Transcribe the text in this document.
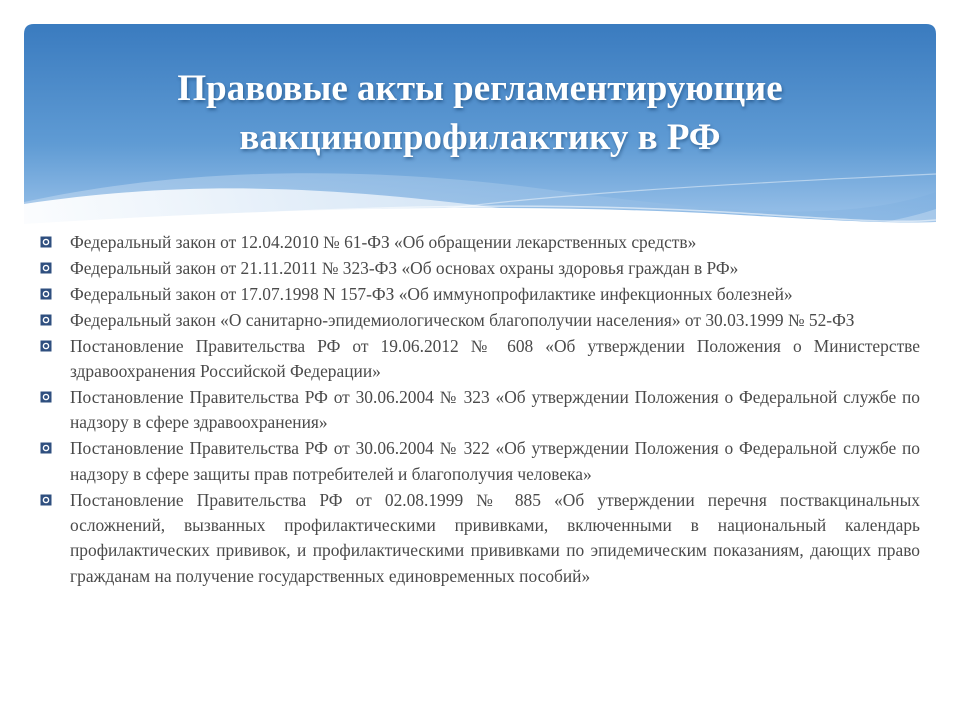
Правовые акты регламентирующие
вакцинопрофилактику в РФ
Федеральный закон от 12.04.2010 № 61-ФЗ «Об обращении лекарственных средств»
Федеральный закон от 21.11.2011 № 323-ФЗ «Об основах охраны здоровья граждан в РФ»
Федеральный закон от 17.07.1998 N 157-ФЗ «Об иммунопрофилактике инфекционных болезней»
Федеральный закон «О санитарно-эпидемиологическом благополучии населения» от 30.03.1999 № 52-ФЗ
Постановление Правительства РФ от 19.06.2012 № 608 «Об утверждении Положения о Министерстве здравоохранения Российской Федерации»
Постановление Правительства РФ от 30.06.2004 № 323 «Об утверждении Положения о Федеральной службе по надзору в сфере здравоохранения»
Постановление Правительства РФ от 30.06.2004 № 322 «Об утверждении Положения о Федеральной службе по надзору в сфере защиты прав потребителей и благополучия человека»
Постановление Правительства РФ от 02.08.1999 № 885 «Об утверждении перечня поствакцинальных осложнений, вызванных профилактическими прививками, включенными в национальный календарь профилактических прививок, и профилактическими прививками по эпидемическим показаниям, дающих право гражданам на получение государственных единовременных пособий»
